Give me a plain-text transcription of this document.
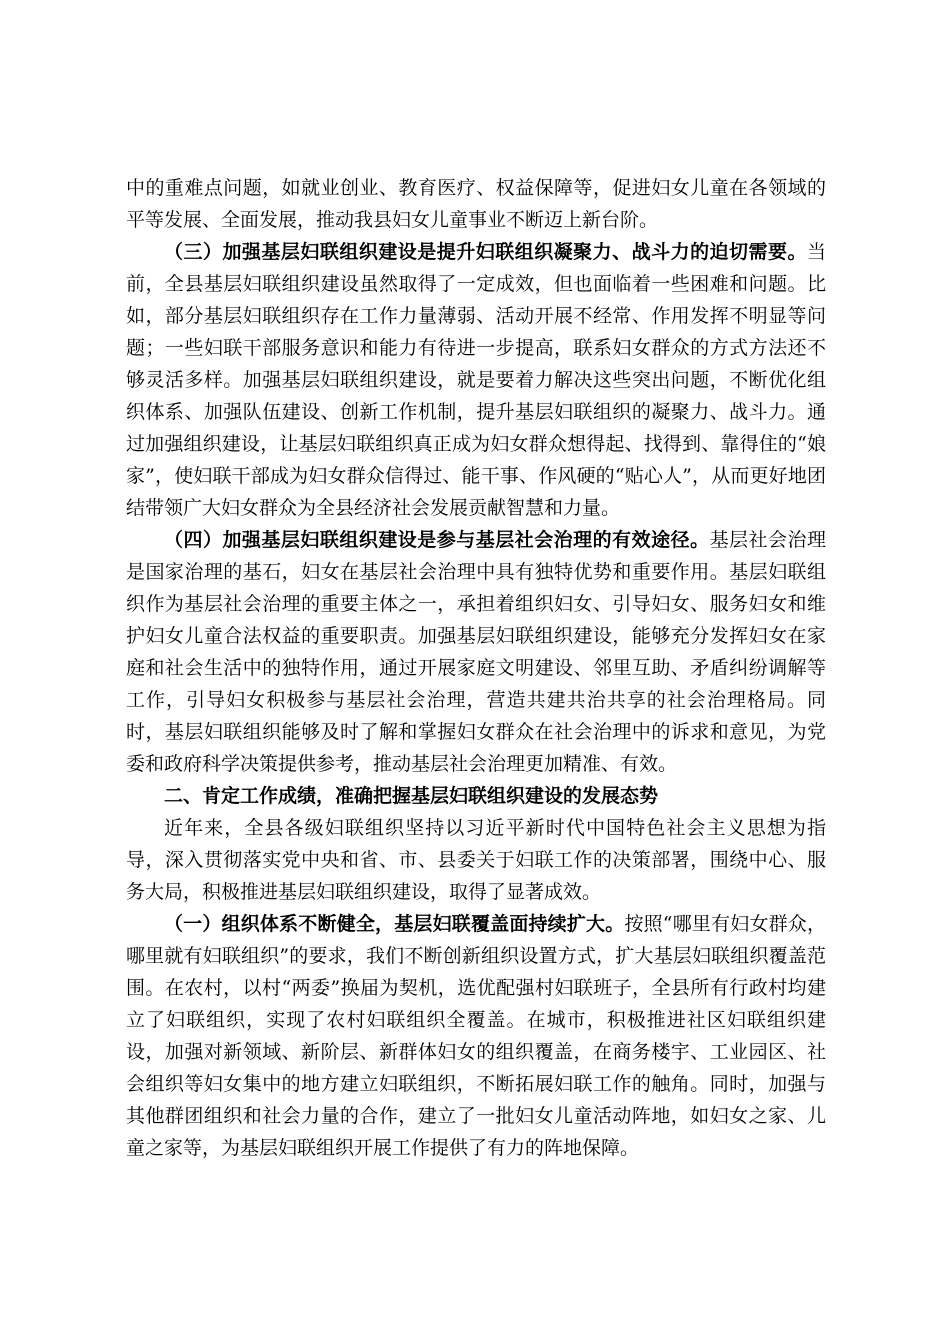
中的重难点问题，如就业创业、教育医疗、权益保障等，促进妇女儿童在各领域的平等发展、全面发展，推动我县妇女儿童事业不断迈上新台阶。

（三）加强基层妇联组织建设是提升妇联组织凝聚力、战斗力的迫切需要。当前，全县基层妇联组织建设虽然取得了一定成效，但也面临着一些困难和问题。比如，部分基层妇联组织存在工作力量薄弱、活动开展不经常、作用发挥不明显等问题；一些妇联干部服务意识和能力有待进一步提高，联系妇女群众的方式方法还不够灵活多样。加强基层妇联组织建设，就是要着力解决这些突出问题，不断优化组织体系、加强队伍建设、创新工作机制，提升基层妇联组织的凝聚力、战斗力。通过加强组织建设，让基层妇联组织真正成为妇女群众想得起、找得到、靠得住的“娘家”，使妇联干部成为妇女群众信得过、能干事、作风硬的“贴心人”，从而更好地团结带领广大妇女群众为全县经济社会发展贡献智慧和力量。

（四）加强基层妇联组织建设是参与基层社会治理的有效途径。基层社会治理是国家治理的基石，妇女在基层社会治理中具有独特优势和重要作用。基层妇联组织作为基层社会治理的重要主体之一，承担着组织妇女、引导妇女、服务妇女和维护妇女儿童合法权益的重要职责。加强基层妇联组织建设，能够充分发挥妇女在家庭和社会生活中的独特作用，通过开展家庭文明建设、邻里互助、矛盾纠纷调解等工作，引导妇女积极参与基层社会治理，营造共建共治共享的社会治理格局。同时，基层妇联组织能够及时了解和掌握妇女群众在社会治理中的诉求和意见，为党委和政府科学决策提供参考，推动基层社会治理更加精准、有效。

二、肯定工作成绩，准确把握基层妇联组织建设的发展态势

近年来，全县各级妇联组织坚持以习近平新时代中国特色社会主义思想为指导，深入贯彻落实党中央和省、市、县委关于妇联工作的决策部署，围绕中心、服务大局，积极推进基层妇联组织建设，取得了显著成效。

（一）组织体系不断健全，基层妇联覆盖面持续扩大。按照“哪里有妇女群众，哪里就有妇联组织”的要求，我们不断创新组织设置方式，扩大基层妇联组织覆盖范围。在农村，以村“两委”换届为契机，选优配强村妇联班子，全县所有行政村均建立了妇联组织，实现了农村妇联组织全覆盖。在城市，积极推进社区妇联组织建设，加强对新领域、新阶层、新群体妇女的组织覆盖，在商务楼宇、工业园区、社会组织等妇女集中的地方建立妇联组织，不断拓展妇联工作的触角。同时，加强与其他群团组织和社会力量的合作，建立了一批妇女儿童活动阵地，如妇女之家、儿童之家等，为基层妇联组织开展工作提供了有力的阵地保障。
